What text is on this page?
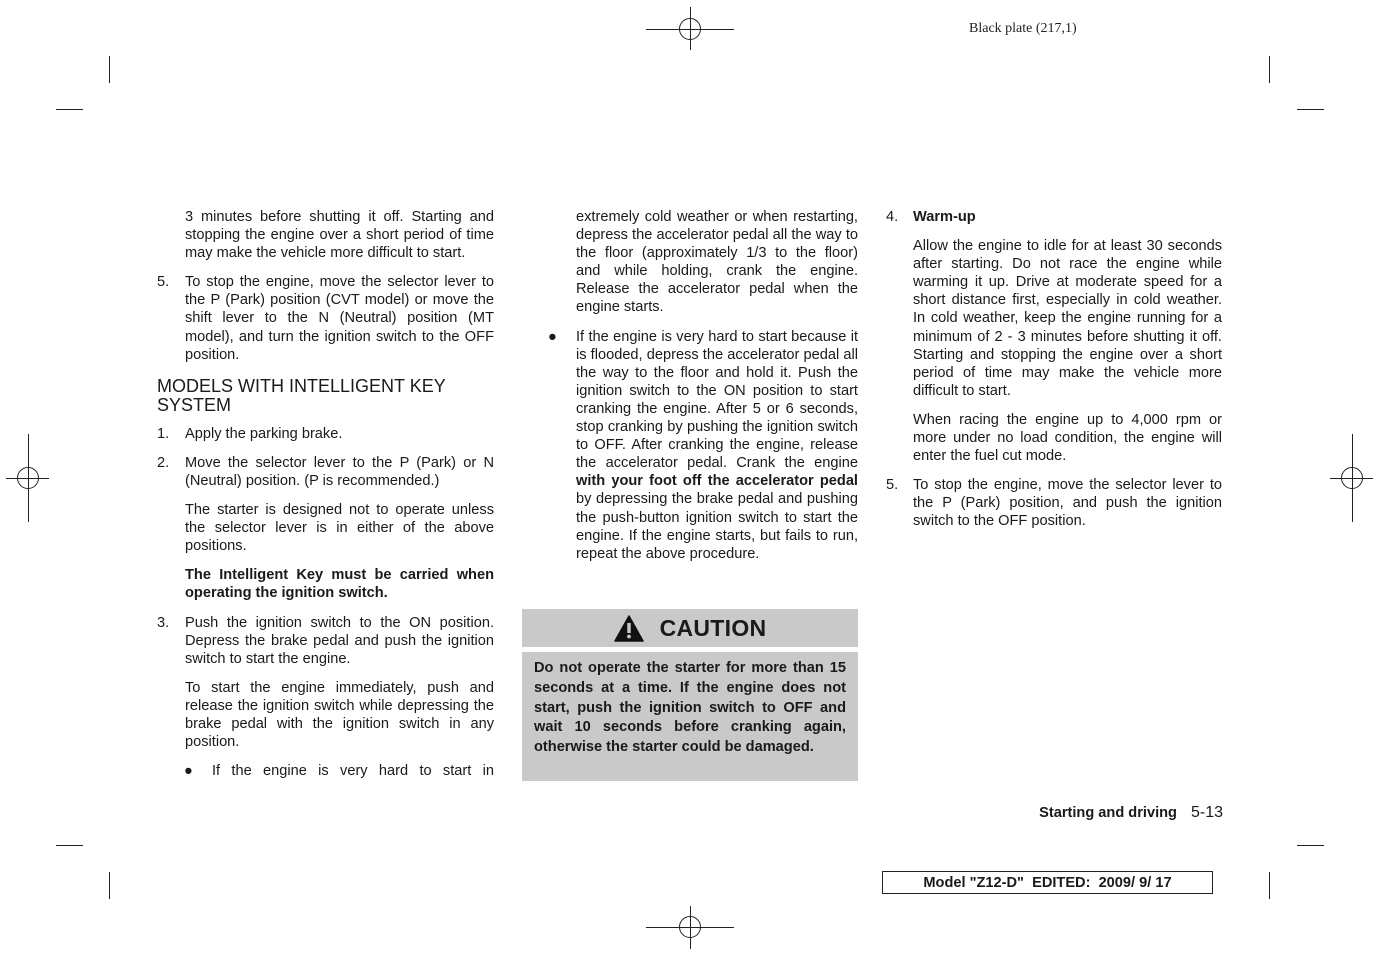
Black plate (217,1)

3 minutes before shutting it off. Starting and stopping the engine over a short period of time may make the vehicle more difficult to start.

5. To stop the engine, move the selector lever to the P (Park) position (CVT model) or move the shift lever to the N (Neutral) position (MT model), and turn the ignition switch to the OFF position.

MODELS WITH INTELLIGENT KEY SYSTEM
1. Apply the parking brake.

2. Move the selector lever to the P (Park) or N (Neutral) position. (P is recommended.)

The starter is designed not to operate unless the selector lever is in either of the above positions.

The Intelligent Key must be carried when operating the ignition switch.

3. Push the ignition switch to the ON position. Depress the brake pedal and push the ignition switch to start the engine.

To start the engine immediately, push and release the ignition switch while depressing the brake pedal with the ignition switch in any position.

● If the engine is very hard to start in

extremely cold weather or when restarting, depress the accelerator pedal all the way to the floor (approximately 1/3 to the floor) and while holding, crank the engine. Release the accelerator pedal when the engine starts.

● If the engine is very hard to start because it is flooded, depress the accelerator pedal all the way to the floor and hold it. Push the ignition switch to the ON position to start cranking the engine. After 5 or 6 seconds, stop cranking by pushing the ignition switch to OFF. After cranking the engine, release the accelerator pedal. Crank the engine with your foot off the accelerator pedal by depressing the brake pedal and pushing the push-button ignition switch to start the engine. If the engine starts, but fails to run, repeat the above procedure.

CAUTION
Do not operate the starter for more than 15 seconds at a time. If the engine does not start, push the ignition switch to OFF and wait 10 seconds before cranking again, otherwise the starter could be damaged.
4. Warm-up

Allow the engine to idle for at least 30 seconds after starting. Do not race the engine while warming it up. Drive at moderate speed for a short distance first, especially in cold weather. In cold weather, keep the engine running for a minimum of 2 - 3 minutes before shutting it off. Starting and stopping the engine over a short period of time may make the vehicle more difficult to start.

When racing the engine up to 4,000 rpm or more under no load condition, the engine will enter the fuel cut mode.

5. To stop the engine, move the selector lever to the P (Park) position, and push the ignition switch to the OFF position.

Starting and driving 5-13
Model "Z12-D"  EDITED:  2009/ 9/ 17
